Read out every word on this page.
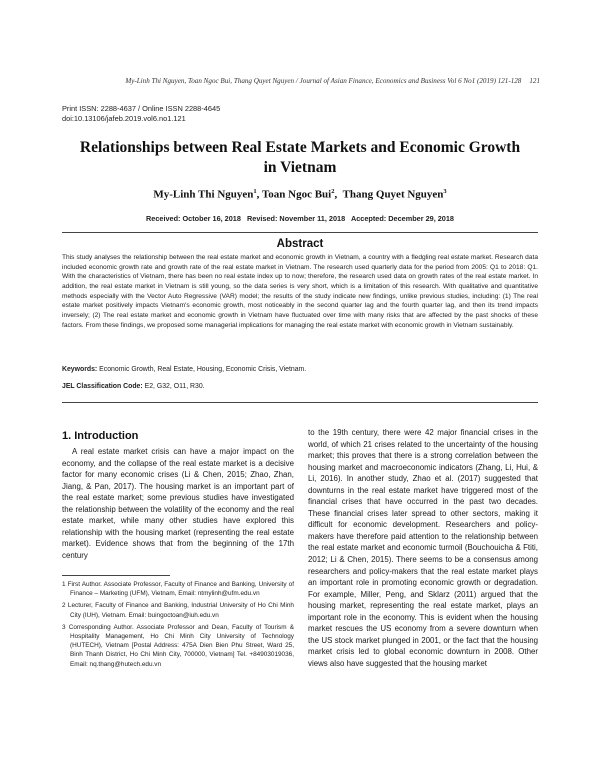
My-Linh Thi Nguyen, Toan Ngoc Bui, Thang Quyet Nguyen / Journal of Asian Finance, Economics and Business Vol 6 No1 (2019) 121-128 121
Print ISSN: 2288-4637 / Online ISSN 2288-4645
doi:10.13106/jafeb.2019.vol6.no1.121
Relationships between Real Estate Markets and Economic Growth
in Vietnam
My-Linh Thi Nguyen$^1$, Toan Ngoc Bui$^2$,  Thang Quyet Nguyen$^3$
Received: October 16, 2018   Revised: November 11, 2018   Accepted: December 29, 2018
Abstract
This study analyses the relationship between the real estate market and economic growth in Vietnam, a country with a fledgling real estate market. Research data included economic growth rate and growth rate of the real estate market in Vietnam. The research used quarterly data for the period from 2005: Q1 to 2018: Q1. With the characteristics of Vietnam, there has been no real estate index up to now; therefore, the research used data on growth rates of the real estate market. In addition, the real estate market in Vietnam is still young, so the data series is very short, which is a limitation of this research. With qualitative and quantitative methods especially with the Vector Auto Regressive (VAR) model; the results of the study indicate new findings, unlike previous studies, including: (1) The real estate market positively impacts Vietnam's economic growth, most noticeably in the second quarter lag and the fourth quarter lag, and then its trend impacts inversely; (2) The real estate market and economic growth in Vietnam have fluctuated over time with many risks that are affected by the past shocks of these factors. From these findings, we proposed some managerial implications for managing the real estate market with economic growth in Vietnam sustainably.
Keywords: Economic Growth, Real Estate, Housing, Economic Crisis, Vietnam.
JEL Classification Code: E2, G32, O11, R30.
1. Introduction
A real estate market crisis can have a major impact on the economy, and the collapse of the real estate market is a decisive factor for many economic crises (Li & Chen, 2015; Zhao, Zhan, Jiang, & Pan, 2017). The housing market is an important part of the real estate market; some previous studies have investigated the relationship between the volatility of the economy and the real estate market, while many other studies have explored this relationship with the housing market (representing the real estate market). Evidence shows that from the beginning of the 17th century

1 First Author. Associate Professor, Faculty of Finance and Banking, University of Finance – Marketing (UFM), Vietnam, Email: ntmylinh@ufm.edu.vn

2 Lecturer, Faculty of Finance and Banking, Industrial University of Ho Chi Minh City (IUH), Vietnam. Email: buingoctoan@iuh.edu.vn

3 Corresponding Author. Associate Professor and Dean, Faculty of Tourism & Hospitality Management, Ho Chi Minh City University of Technology (HUTECH), Vietnam [Postal Address: 475A Dien Bien Phu Street, Ward 25, Binh Thanh District, Ho Chi Minh City, 700000, Vietnam] Tel. +84903019036, Email: nq.thang@hutech.edu.vn

to the 19th century, there were 42 major financial crises in the world, of which 21 crises related to the uncertainty of the housing market; this proves that there is a strong correlation between the housing market and macroeconomic indicators (Zhang, Li, Hui, & Li, 2016). In another study, Zhao et al. (2017) suggested that downturns in the real estate market have triggered most of the financial crises that have occurred in the past two decades. These financial crises later spread to other sectors, making it difficult for economic development. Researchers and policy-makers have therefore paid attention to the relationship between the real estate market and economic turmoil (Bouchouicha & Ftiti, 2012; Li & Chen, 2015). There seems to be a consensus among researchers and policy-makers that the real estate market plays an important role in promoting economic growth or degradation. For example, Miller, Peng, and Sklarz (2011) argued that the housing market, representing the real estate market, plays an important role in the economy. This is evident when the housing market rescues the US economy from a severe downturn when the US stock market plunged in 2001, or the fact that the housing market crisis led to global economic downturn in 2008. Other views also have suggested that the housing market
